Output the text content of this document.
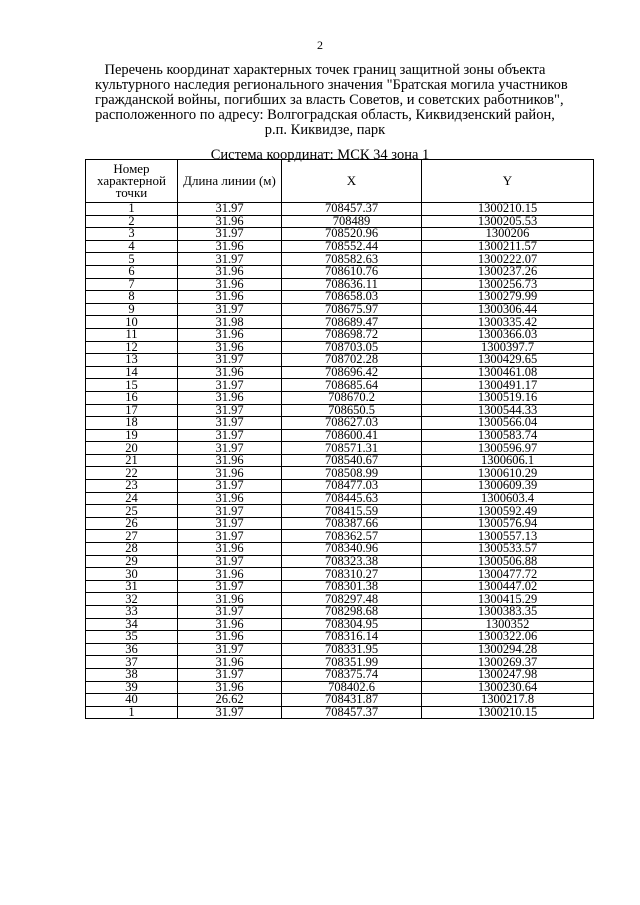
2
Перечень координат характерных точек границ защитной зоны объекта
культурного наследия регионального значения "Братская могила участников
гражданской войны, погибших за власть Советов, и советских работников",
расположенного по адресу: Волгоградская область, Киквидзенский район,
р.п. Киквидзе, парк
Система координат: МСК 34 зона 1
Номер характерной точки	Длина линии (м)	X	Y
1	31.97	708457.37	1300210.15
2	31.96	708489	1300205.53
3	31.97	708520.96	1300206
4	31.96	708552.44	1300211.57
5	31.97	708582.63	1300222.07
6	31.96	708610.76	1300237.26
7	31.96	708636.11	1300256.73
8	31.96	708658.03	1300279.99
9	31.97	708675.97	1300306.44
10	31.98	708689.47	1300335.42
11	31.96	708698.72	1300366.03
12	31.96	708703.05	1300397.7
13	31.97	708702.28	1300429.65
14	31.96	708696.42	1300461.08
15	31.97	708685.64	1300491.17
16	31.96	708670.2	1300519.16
17	31.97	708650.5	1300544.33
18	31.97	708627.03	1300566.04
19	31.97	708600.41	1300583.74
20	31.97	708571.31	1300596.97
21	31.96	708540.67	1300606.1
22	31.96	708508.99	1300610.29
23	31.97	708477.03	1300609.39
24	31.96	708445.63	1300603.4
25	31.97	708415.59	1300592.49
26	31.97	708387.66	1300576.94
27	31.97	708362.57	1300557.13
28	31.96	708340.96	1300533.57
29	31.97	708323.38	1300506.88
30	31.96	708310.27	1300477.72
31	31.97	708301.38	1300447.02
32	31.96	708297.48	1300415.29
33	31.97	708298.68	1300383.35
34	31.96	708304.95	1300352
35	31.96	708316.14	1300322.06
36	31.97	708331.95	1300294.28
37	31.96	708351.99	1300269.37
38	31.97	708375.74	1300247.98
39	31.96	708402.6	1300230.64
40	26.62	708431.87	1300217.8
1	31.97	708457.37	1300210.15
